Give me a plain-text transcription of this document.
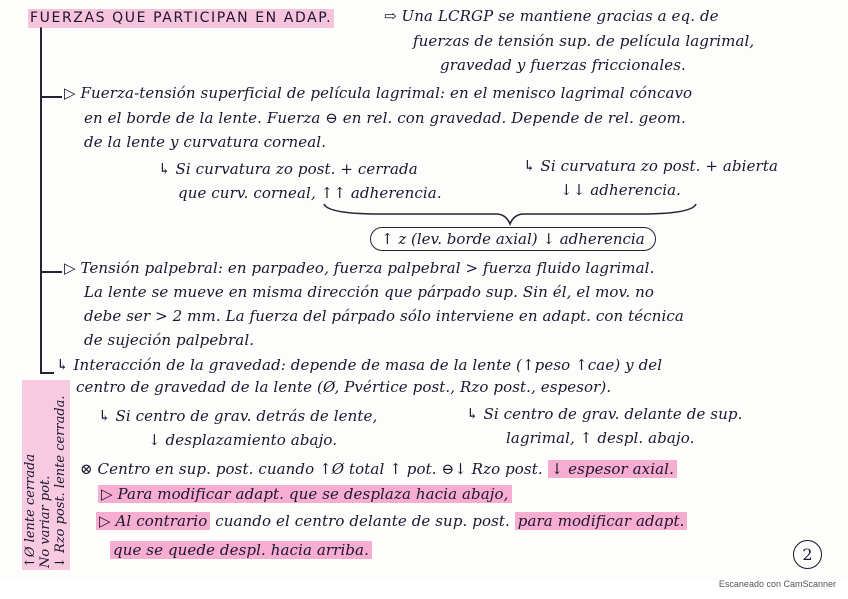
FUERZAS QUE PARTICIPAN EN ADAP.	⇨ Una LCRGP se mantiene gracias a eq. de
fuerzas de tensión sup. de película lagrimal,
gravedad y fuerzas friccionales.
▷ Fuerza-tensión superficial de película lagrimal: en el menisco lagrimal cóncavo
en el borde de la lente. Fuerza ⊖ en rel. con gravedad. Depende de rel. geom.
de la lente y curvatura corneal.
↳ Si curvatura zo post. + cerrada
que curv. corneal, ↑↑ adherencia.
↳ Si curvatura zo post. + abierta
↓↓ adherencia.
↑ z (lev. borde axial) ↓ adherencia
▷ Tensión palpebral: en parpadeo, fuerza palpebral > fuerza fluido lagrimal.
La lente se mueve en misma dirección que párpado sup. Sin él, el mov. no
debe ser > 2 mm. La fuerza del párpado sólo interviene en adapt. con técnica
de sujeción palpebral.
↳ Interacción de la gravedad: depende de masa de la lente (↑peso ↑cae) y del
centro de gravedad de la lente (Ø, Pvértice post., Rzo post., espesor).
↳ Si centro de grav. detrás de lente,
↓ desplazamiento abajo.
↳ Si centro de grav. delante de sup.
lagrimal, ↑ despl. abajo.
⊗ Centro en sup. post. cuando ↑Ø total ↑ pot. ⊖↓ Rzo post. ↓ espesor axial.
▷ Para modificar adapt. que se desplaza hacia abajo,
▷ Al contrario cuando el centro delante de sup. post. para modificar adapt.
que se quede despl. hacia arriba.
↑Ø lente cerrada No variar pot. ↓ Rzo post. lente cerrada.	2
Escaneado con CamScanner
